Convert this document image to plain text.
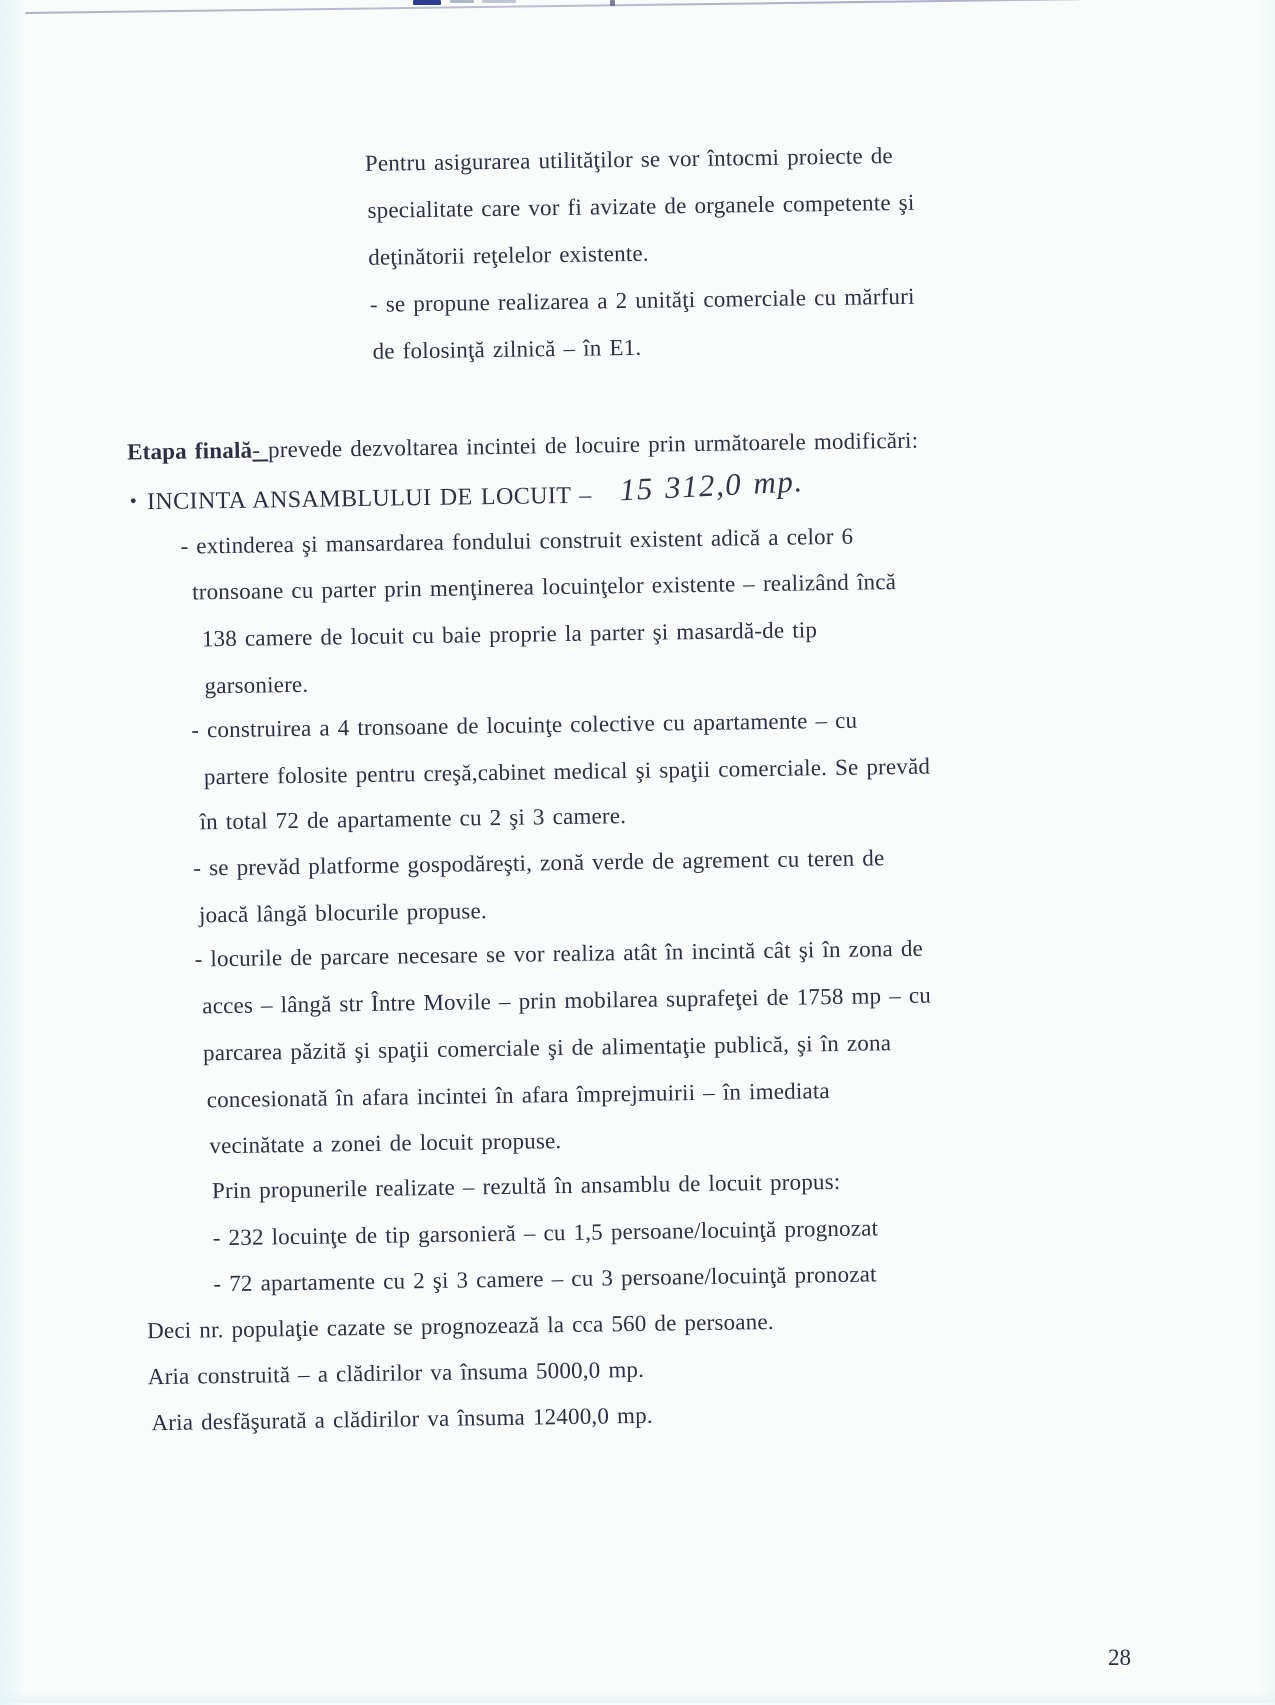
Pentru asigurarea utilităţilor se vor întocmi proiecte de
specialitate care vor fi avizate de organele competente şi
deţinătorii reţelelor existente.
- se propune realizarea a 2 unităţi comerciale cu mărfuri
de folosinţă zilnică – în E1.
Etapa finală- prevede dezvoltarea incintei de locuire prin următoarele modificări:
• INCINTA ANSAMBLULUI DE LOCUIT – 15 312,0 mp.
- extinderea şi mansardarea fondului construit existent adică a celor 6
tronsoane cu parter prin menţinerea locuinţelor existente – realizând încă
138 camere de locuit cu baie proprie la parter şi masardă-de tip
garsoniere.
- construirea a 4 tronsoane de locuinţe colective cu apartamente – cu
partere folosite pentru creşă,cabinet medical şi spaţii comerciale. Se prevăd
în total 72 de apartamente cu 2 şi 3 camere.
- se prevăd platforme gospodăreşti, zonă verde de agrement cu teren de
joacă lângă blocurile propuse.
- locurile de parcare necesare se vor realiza atât în incintă cât şi în zona de
acces – lângă str Între Movile – prin mobilarea suprafeţei de 1758 mp – cu
parcarea păzită şi spaţii comerciale şi de alimentaţie publică, şi în zona
concesionată în afara incintei în afara împrejmuirii – în imediata
vecinătate a zonei de locuit propuse.
Prin propunerile realizate – rezultă în ansamblu de locuit propus:
- 232 locuinţe de tip garsonieră – cu 1,5 persoane/locuinţă prognozat
- 72 apartamente cu 2 şi 3 camere – cu 3 persoane/locuinţă pronozat
Deci nr. populaţie cazate se prognozează la cca 560 de persoane.
Aria construită – a clădirilor va însuma 5000,0 mp.
Aria desfăşurată a clădirilor va însuma 12400,0 mp.
28
